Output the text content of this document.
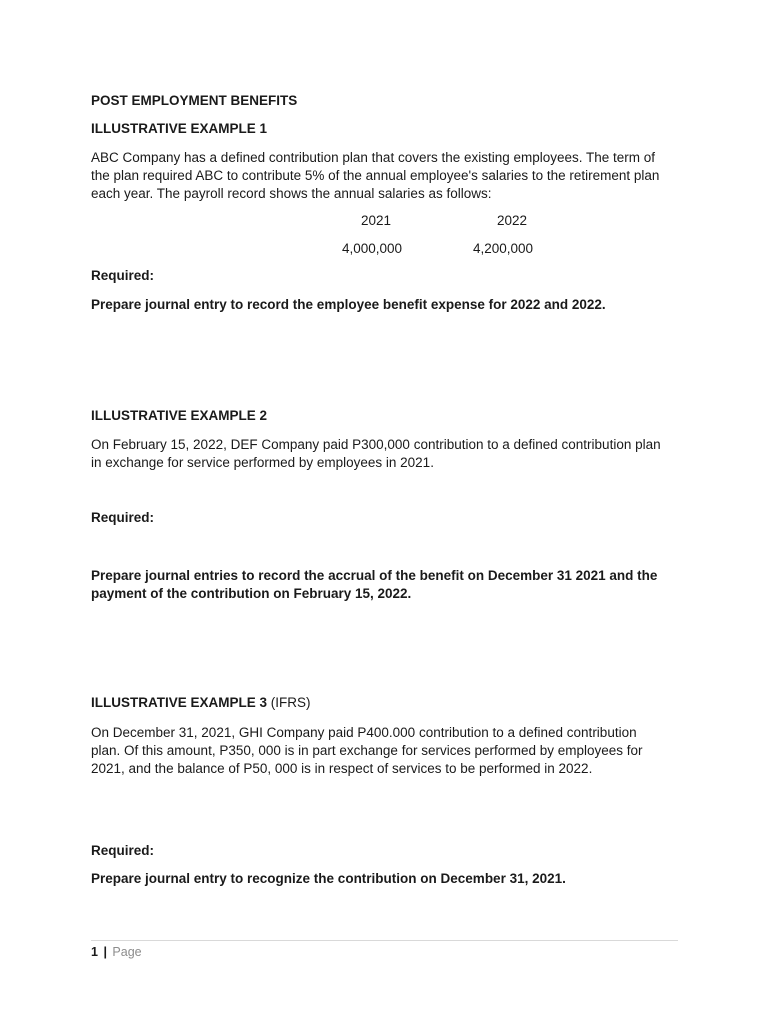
POST EMPLOYMENT BENEFITS
ILLUSTRATIVE EXAMPLE 1
ABC Company has a defined contribution plan that covers the existing employees. The term of
the plan required ABC to contribute 5% of the annual employee's salaries to the retirement plan
each year. The payroll record shows the annual salaries as follows:
2021	2022
4,000,000	4,200,000
Required:
Prepare journal entry to record the employee benefit expense for 2022 and 2022.
ILLUSTRATIVE EXAMPLE 2
On February 15, 2022, DEF Company paid P300,000 contribution to a defined contribution plan
in exchange for service performed by employees in 2021.
Required:
Prepare journal entries to record the accrual of the benefit on December 31 2021 and the
payment of the contribution on February 15, 2022.
ILLUSTRATIVE EXAMPLE 3 (IFRS)
On December 31, 2021, GHI Company paid P400.000 contribution to a defined contribution
plan. Of this amount, P350, 000 is in part exchange for services performed by employees for
2021, and the balance of P50, 000 is in respect of services to be performed in 2022.
Required:
Prepare journal entry to recognize the contribution on December 31, 2021.
1 | Page
